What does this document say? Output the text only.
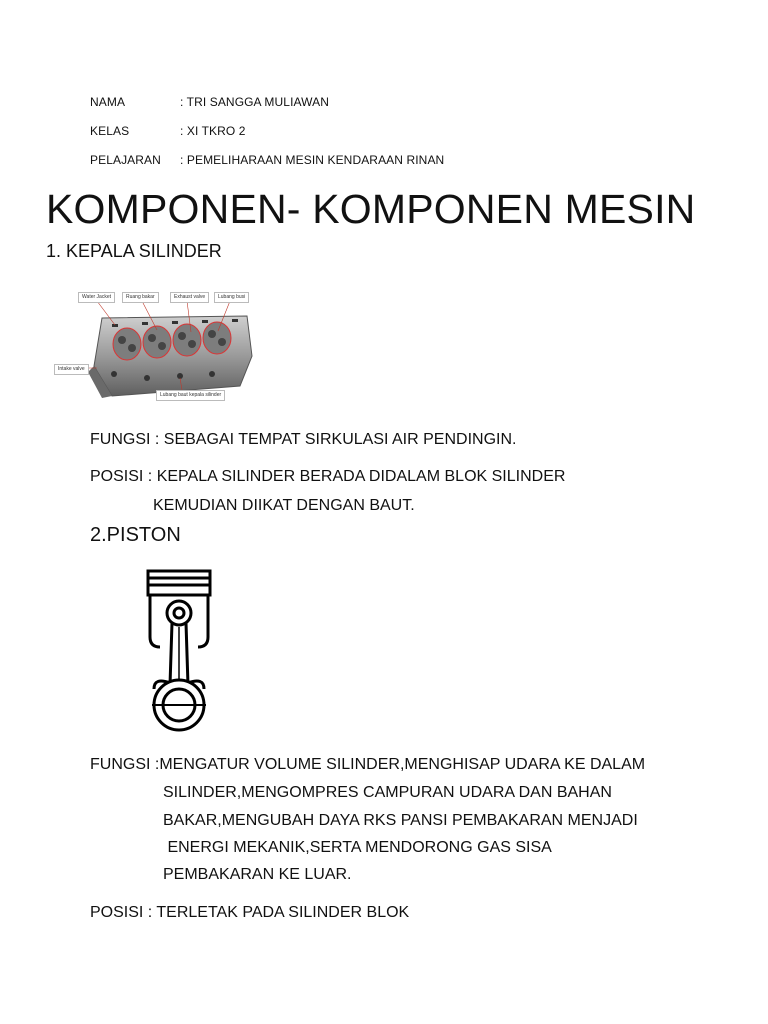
NAMA	: TRI SANGGA MULIAWAN
KELAS	: XI TKRO 2
PELAJARAN : PEMELIHARAAN MESIN KENDARAAN RINAN
KOMPONEN- KOMPONEN MESIN
1. KEPALA SILINDER
Water Jacket	Ruang bakar	Exhaust valve	Lubang busi
Intake valve
Lubang baut kepala silinder
FUNGSI : SEBAGAI TEMPAT SIRKULASI AIR PENDINGIN.
POSISI : KEPALA SILINDER BERADA DIDALAM BLOK SILINDER
KEMUDIAN DIIKAT DENGAN BAUT.
2.PISTON
FUNGSI :MENGATUR VOLUME SILINDER,MENGHISAP UDARA KE DALAM
SILINDER,MENGOMPRES CAMPURAN UDARA DAN BAHAN
BAKAR,MENGUBAH DAYA RKS PANSI PEMBAKARAN MENJADI
ENERGI MEKANIK,SERTA MENDORONG GAS SISA
PEMBAKARAN KE LUAR.
POSISI : TERLETAK PADA SILINDER BLOK
